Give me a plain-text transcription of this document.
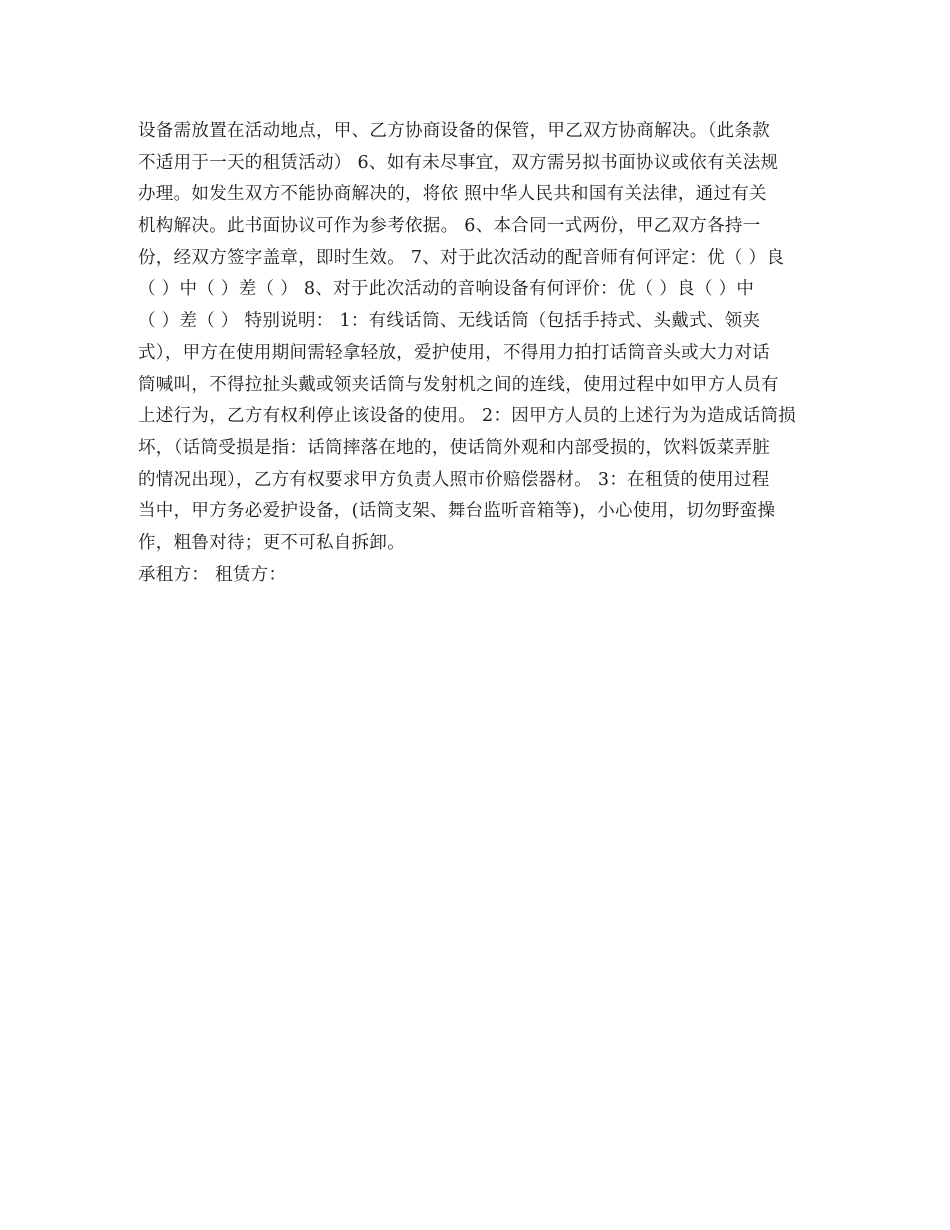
设备需放置在活动地点，甲、乙方协商设备的保管，甲乙双方协商解决。（此条款
不适用于一天的租赁活动） 6、如有未尽事宜，双方需另拟书面协议或依有关法规
办理。如发生双方不能协商解决的，将依 照中华人民共和国有关法律，通过有关
机构解决。此书面协议可作为参考依据。 6、本合同一式两份，甲乙双方各持一
份，经双方签字盖章，即时生效。 7、对于此次活动的配音师有何评定：优（ ）良
（ ）中（ ）差（ ） 8、对于此次活动的音响设备有何评价：优（ ）良（ ）中
（ ）差（ ） 特别说明： 1：有线话筒、无线话筒（包括手持式、头戴式、领夹
式），甲方在使用期间需轻拿轻放，爱护使用，不得用力拍打话筒音头或大力对话
筒喊叫，不得拉扯头戴或领夹话筒与发射机之间的连线，使用过程中如甲方人员有
上述行为，乙方有权利停止该设备的使用。 2：因甲方人员的上述行为为造成话筒损
坏，（话筒受损是指：话筒摔落在地的，使话筒外观和内部受损的，饮料饭菜弄脏
的情况出现），乙方有权要求甲方负责人照市价赔偿器材。 3：在租赁的使用过程
当中，甲方务必爱护设备，(话筒支架、舞台监听音箱等)，小心使用，切勿野蛮操
作，粗鲁对待；更不可私自拆卸。
承租方： 租赁方：
